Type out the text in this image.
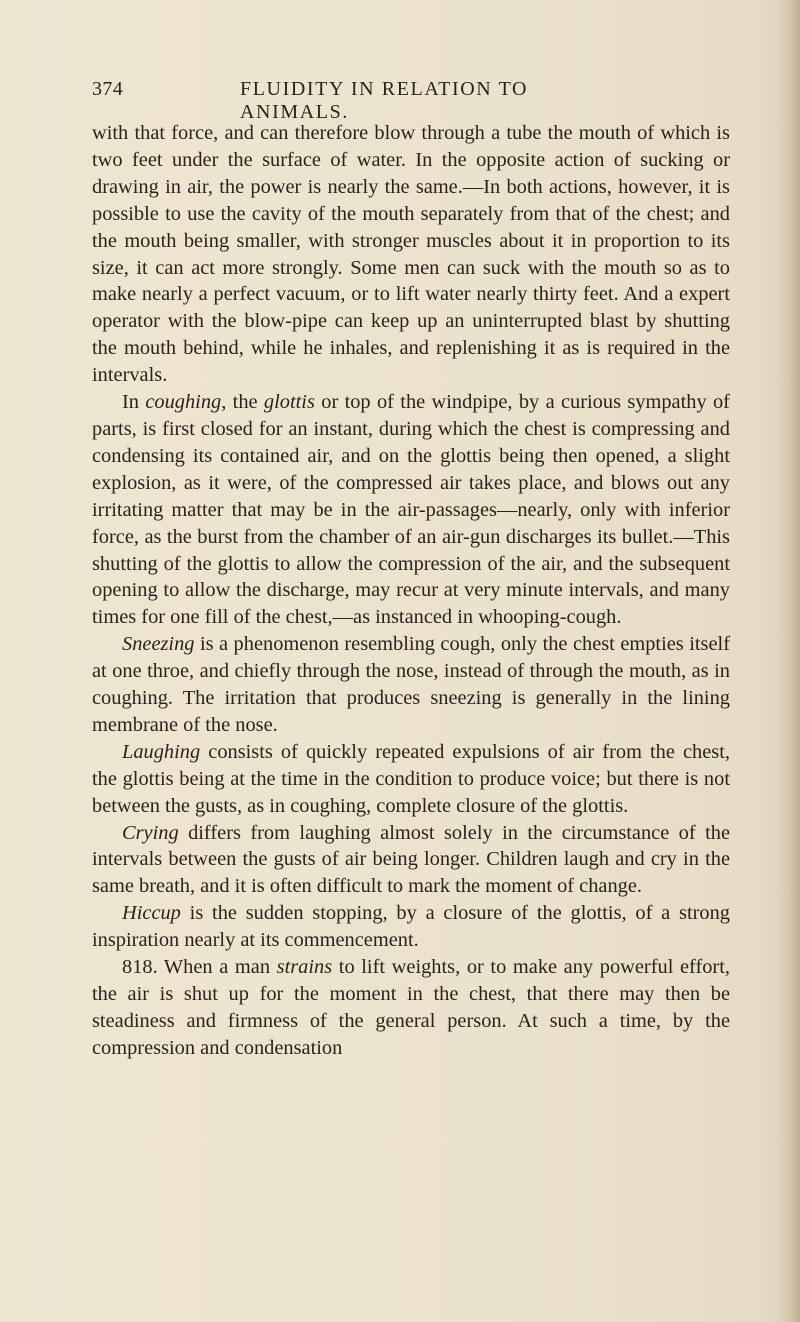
374	FLUIDITY IN RELATION TO ANIMALS.

with that force, and can therefore blow through a tube the mouth of which is two feet under the surface of water. In the opposite action of sucking or drawing in air, the power is nearly the same.—In both actions, however, it is possible to use the cavity of the mouth separately from that of the chest; and the mouth being smaller, with stronger muscles about it in proportion to its size, it can act more strongly. Some men can suck with the mouth so as to make nearly a perfect vacuum, or to lift water nearly thirty feet. And a expert operator with the blow-pipe can keep up an uninterrupted blast by shutting the mouth behind, while he inhales, and replenishing it as is required in the intervals.

In coughing, the glottis or top of the windpipe, by a curious sympathy of parts, is first closed for an instant, during which the chest is compressing and condensing its contained air, and on the glottis being then opened, a slight explosion, as it were, of the compressed air takes place, and blows out any irritating matter that may be in the air-passages—nearly, only with inferior force, as the burst from the chamber of an air-gun discharges its bullet.—This shutting of the glottis to allow the compression of the air, and the subsequent opening to allow the discharge, may recur at very minute intervals, and many times for one fill of the chest,—as instanced in whooping-cough.

Sneezing is a phenomenon resembling cough, only the chest empties itself at one throe, and chiefly through the nose, instead of through the mouth, as in coughing. The irritation that produces sneezing is generally in the lining membrane of the nose.

Laughing consists of quickly repeated expulsions of air from the chest, the glottis being at the time in the condition to produce voice; but there is not between the gusts, as in coughing, complete closure of the glottis.

Crying differs from laughing almost solely in the circumstance of the intervals between the gusts of air being longer. Children laugh and cry in the same breath, and it is often difficult to mark the moment of change.

Hiccup is the sudden stopping, by a closure of the glottis, of a strong inspiration nearly at its commencement.

818. When a man strains to lift weights, or to make any powerful effort, the air is shut up for the moment in the chest, that there may then be steadiness and firmness of the general person. At such a time, by the compression and condensation
